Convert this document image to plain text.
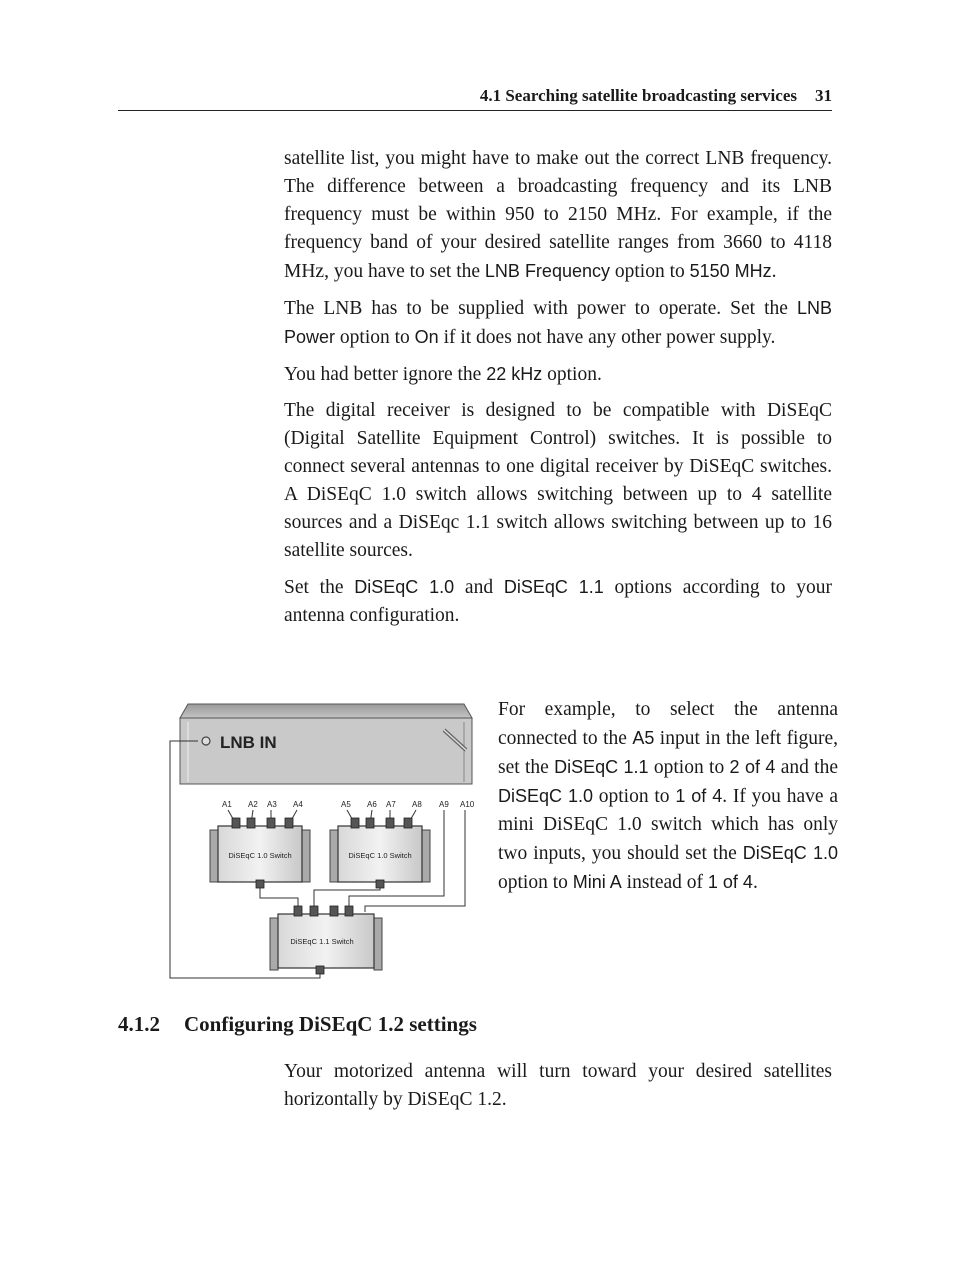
4.1 Searching satellite broadcasting services 31

satellite list, you might have to make out the correct LNB frequency. The difference between a broadcasting frequency and its LNB frequency must be within 950 to 2150 MHz. For example, if the frequency band of your desired satellite ranges from 3660 to 4118 MHz, you have to set the LNB Frequency option to 5150 MHz.

The LNB has to be supplied with power to operate. Set the LNB Power option to On if it does not have any other power supply.

You had better ignore the 22 kHz option.

The digital receiver is designed to be compatible with DiSEqC (Digital Satellite Equipment Control) switches. It is possible to connect several antennas to one digital receiver by DiSEqC switches. A DiSEqC 1.0 switch allows switching between up to 4 satellite sources and a DiSEqc 1.1 switch allows switching between up to 16 satellite sources.

Set the DiSEqC 1.0 and DiSEqC 1.1 options according to your antenna configuration.

LNB IN
A1 A2 A3 A4	A5 A6 A7 A8 A9 A10
DiSEqC 1.0 Switch	DiSEqC 1.0 Switch
DiSEqC 1.1 Switch

For example, to select the antenna connected to the A5 input in the left figure, set the DiSEqC 1.1 option to 2 of 4 and the DiSEqC 1.0 option to 1 of 4. If you have a mini DiSEqC 1.0 switch which has only two inputs, you should set the DiSEqC 1.0 option to Mini A instead of 1 of 4.

4.1.2 Configuring DiSEqC 1.2 settings

Your motorized antenna will turn toward your desired satellites horizontally by DiSEqC 1.2.
